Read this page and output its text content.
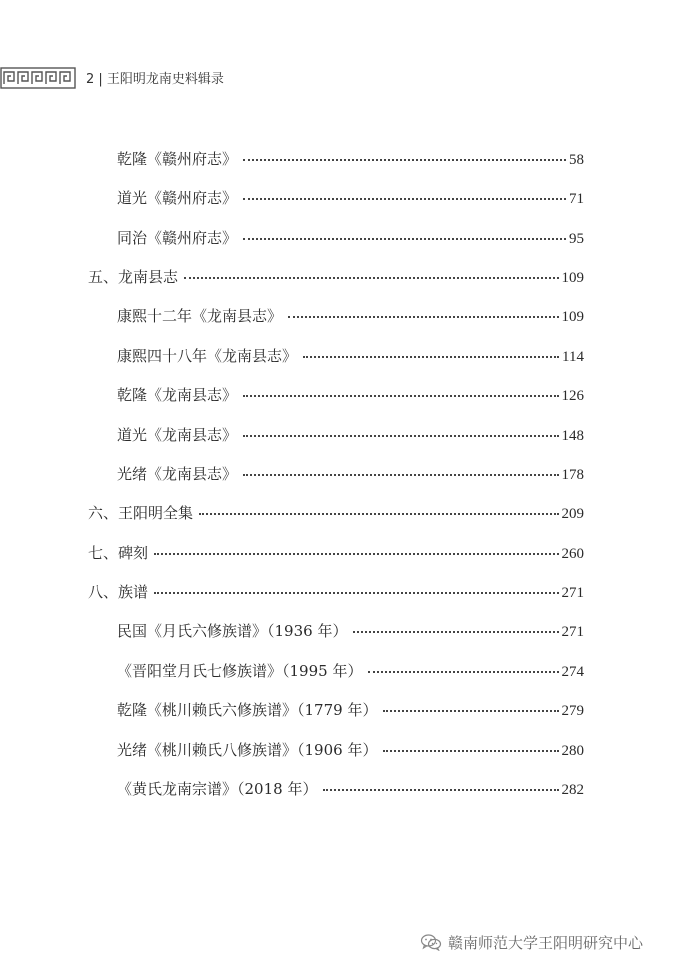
2 | 王阳明龙南史料辑录
乾隆《赣州府志》	58
道光《赣州府志》	71
同治《赣州府志》	95
五、龙南县志	109
康熙十二年《龙南县志》	109
康熙四十八年《龙南县志》	114
乾隆《龙南县志》	126
道光《龙南县志》	148
光绪《龙南县志》	178
六、王阳明全集	209
七、碑刻	260
八、族谱	271
民国《月氏六修族谱》（1936 年）	271
《晋阳堂月氏七修族谱》（1995 年）	274
乾隆《桃川赖氏六修族谱》（1779 年）	279
光绪《桃川赖氏八修族谱》（1906 年）	280
《黄氏龙南宗谱》（2018 年）	282
赣南师范大学王阳明研究中心
